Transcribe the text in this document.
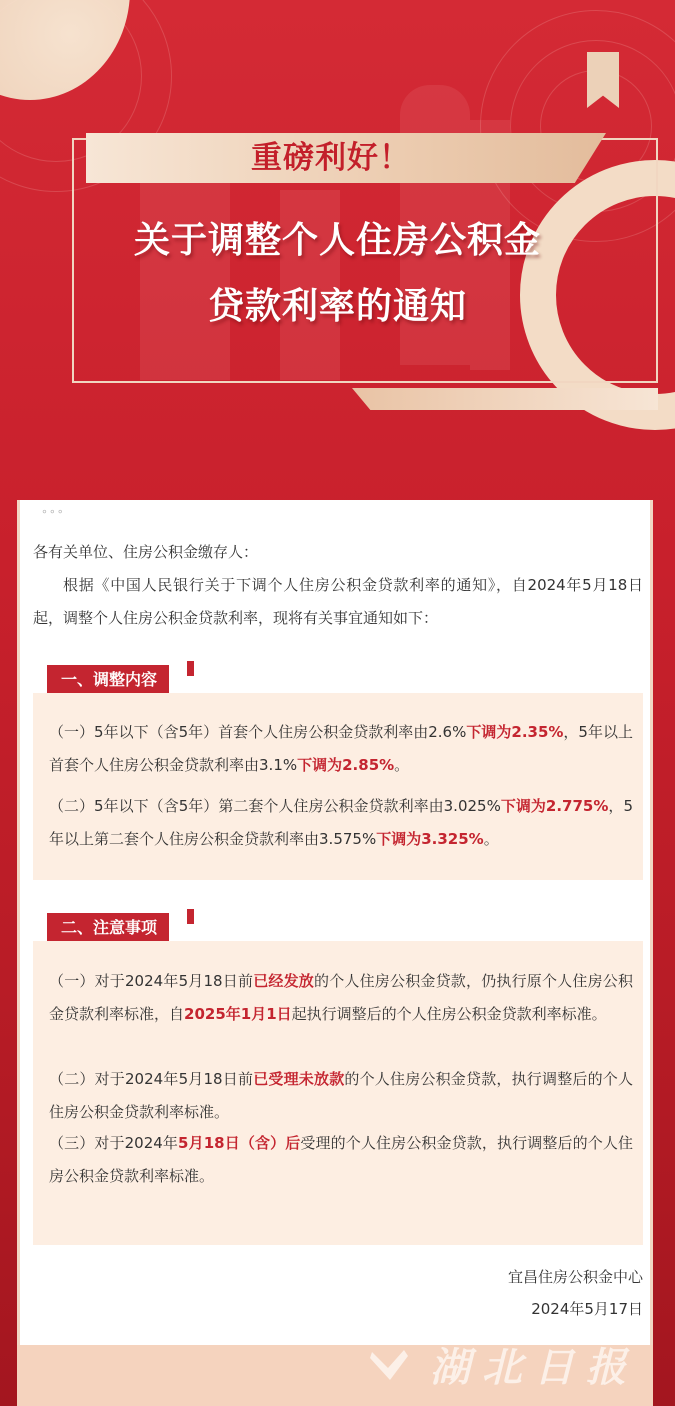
重磅利好！
关于调整个人住房公积金
贷款利率的通知
∘∘∘

各有关单位、住房公积金缴存人：

根据《中国人民银行关于下调个人住房公积金贷款利率的通知》，自2024年5月18日起，调整个人住房公积金贷款利率，现将有关事宜通知如下：

一、调整内容

（一）5年以下（含5年）首套个人住房公积金贷款利率由2.6%下调为2.35%，5年以上首套个人住房公积金贷款利率由3.1%下调为2.85%。

（二）5年以下（含5年）第二套个人住房公积金贷款利率由3.025%下调为2.775%，5年以上第二套个人住房公积金贷款利率由3.575%下调为3.325%。

二、注意事项

（一）对于2024年5月18日前已经发放的个人住房公积金贷款，仍执行原个人住房公积金贷款利率标准，自2025年1月1日起执行调整后的个人住房公积金贷款利率标准。

（二）对于2024年5月18日前已受理未放款的个人住房公积金贷款，执行调整后的个人住房公积金贷款利率标准。

（三）对于2024年5月18日（含）后受理的个人住房公积金贷款，执行调整后的个人住房公积金贷款利率标准。

宜昌住房公积金中心
2024年5月17日
湖北日报
